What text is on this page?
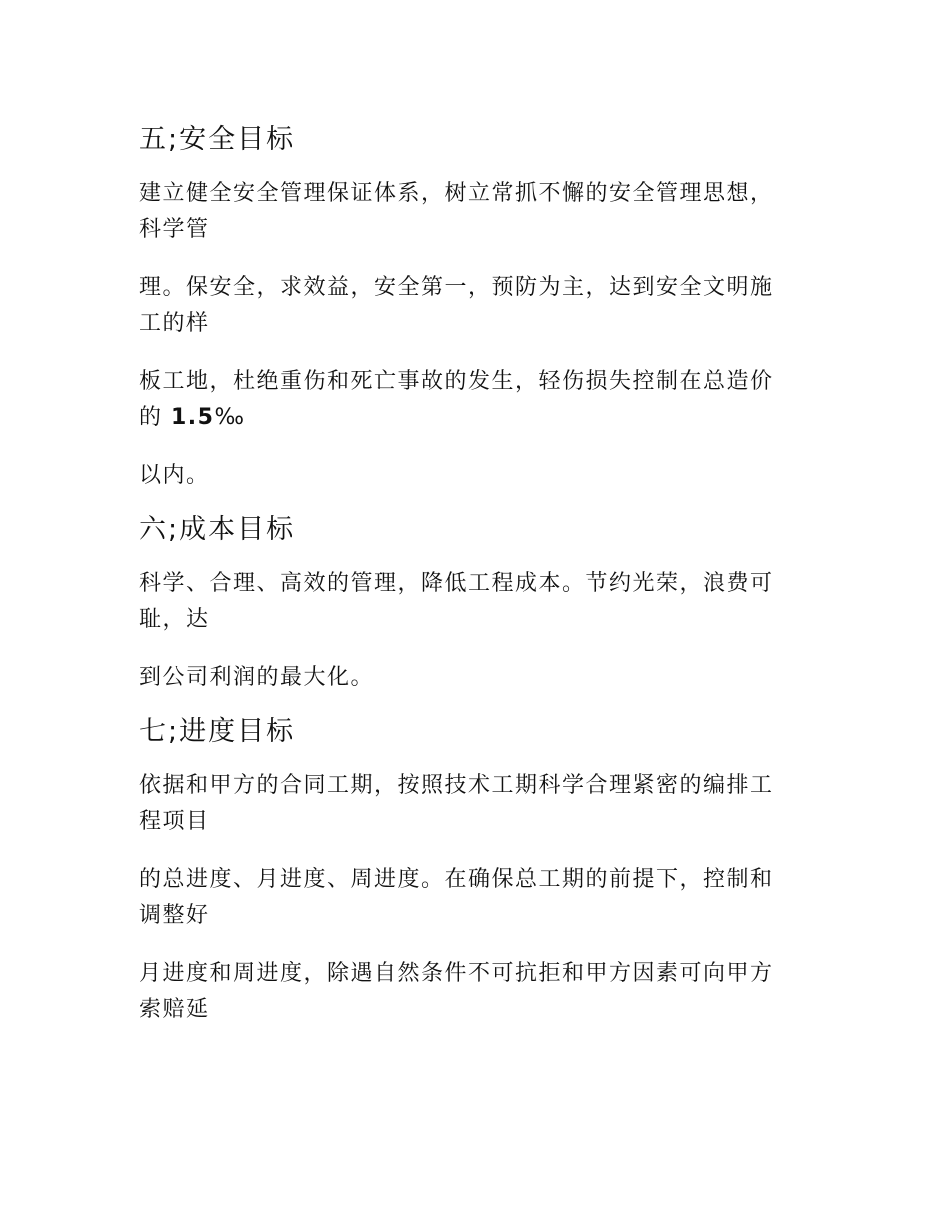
五;安全目标

建立健全安全管理保证体系，树立常抓不懈的安全管理思想，科学管

理。保安全，求效益，安全第一，预防为主，达到安全文明施工的样

板工地，杜绝重伤和死亡事故的发生，轻伤损失控制在总造价的 1.5‰

以内。

六;成本目标

科学、合理、高效的管理，降低工程成本。节约光荣，浪费可耻，达

到公司利润的最大化。

七;进度目标

依据和甲方的合同工期，按照技术工期科学合理紧密的编排工程项目

的总进度、月进度、周进度。在确保总工期的前提下，控制和调整好

月进度和周进度，除遇自然条件不可抗拒和甲方因素可向甲方索赔延
